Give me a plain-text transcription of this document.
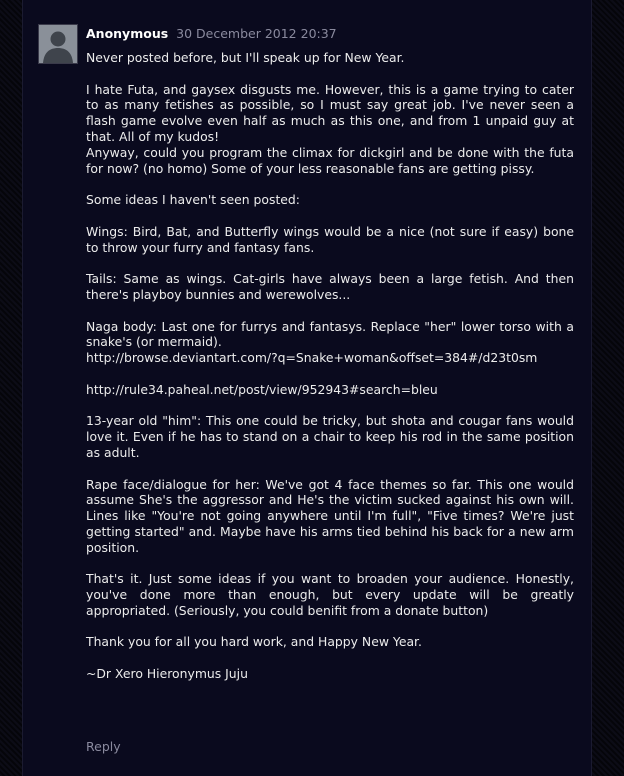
Anonymous 30 December 2012 20:37

Never posted before, but I'll speak up for New Year.

I hate Futa, and gaysex disgusts me. However, this is a game trying to cater to as many fetishes as possible, so I must say great job. I've never seen a flash game evolve even half as much as this one, and from 1 unpaid guy at that. All of my kudos!

Anyway, could you program the climax for dickgirl and be done with the futa for now? (no homo) Some of your less reasonable fans are getting pissy.

Some ideas I haven't seen posted:

Wings: Bird, Bat, and Butterfly wings would be a nice (not sure if easy) bone to throw your furry and fantasy fans.

Tails: Same as wings. Cat-girls have always been a large fetish. And then there's playboy bunnies and werewolves...

Naga body: Last one for furrys and fantasys. Replace "her" lower torso with a snake's (or mermaid).

http://browse.deviantart.com/?q=Snake+woman&offset=384#/d23t0sm

http://rule34.paheal.net/post/view/952943#search=bleu

13-year old "him": This one could be tricky, but shota and cougar fans would love it. Even if he has to stand on a chair to keep his rod in the same position as adult.

Rape face/dialogue for her: We've got 4 face themes so far. This one would assume She's the aggressor and He's the victim sucked against his own will. Lines like "You're not going anywhere until I'm full", "Five times? We're just getting started" and. Maybe have his arms tied behind his back for a new arm position.

That's it. Just some ideas if you want to broaden your audience. Honestly, you've done more than enough, but every update will be greatly appropriated. (Seriously, you could benifit from a donate button)

Thank you for all you hard work, and Happy New Year.

~Dr Xero Hieronymus Juju

Reply
